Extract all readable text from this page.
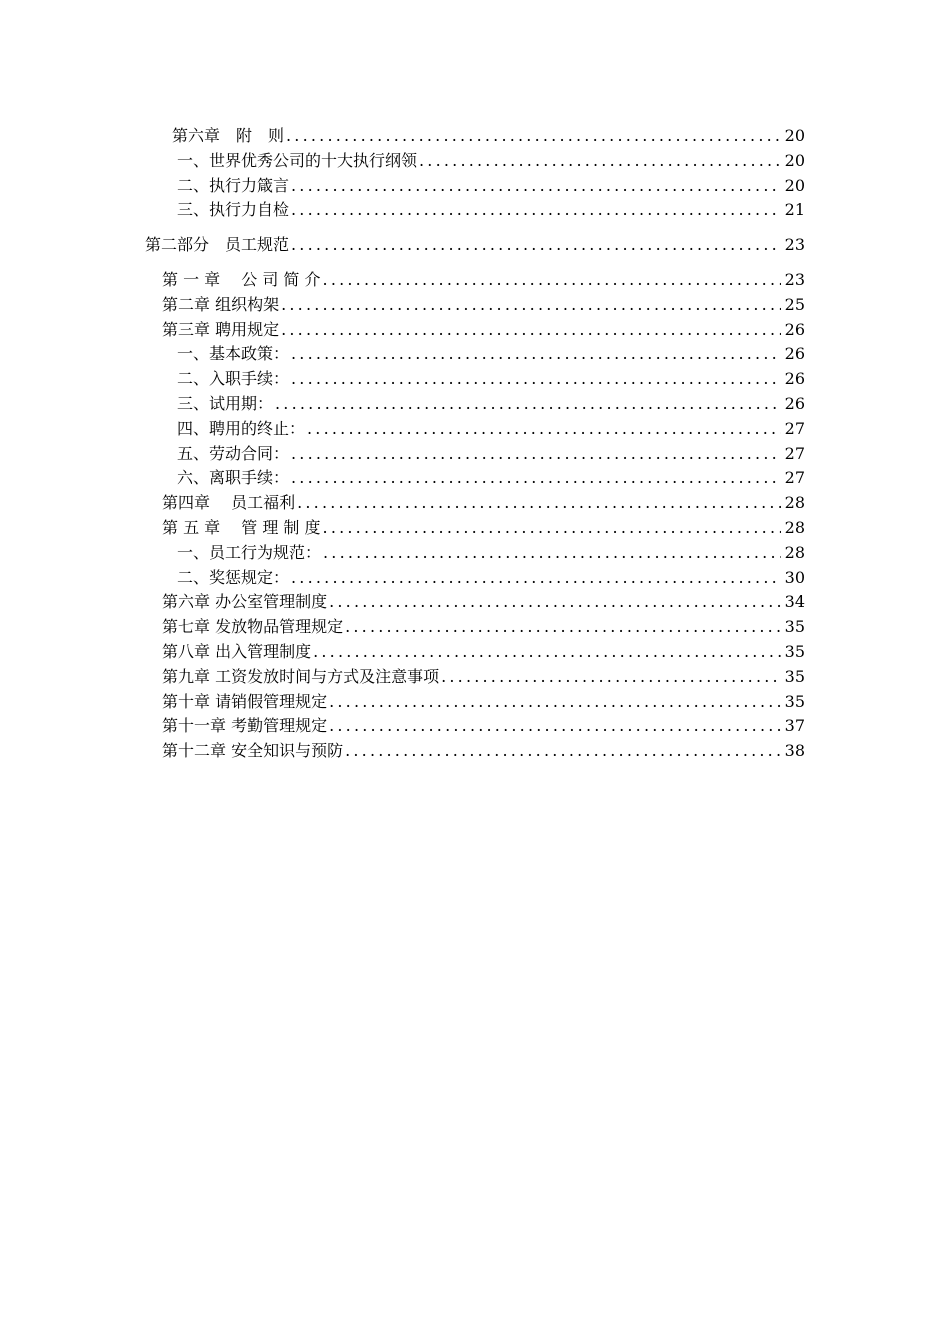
第六章　附　则 .....	20
一、世界优秀公司的十大执行纲领 .....	20
二、执行力箴言 .....	20
三、执行力自检 .....	21
第二部分　员工规范 .....	23
第 一 章　 公 司 简 介 .....	23
第二章 组织构架 .....	25
第三章 聘用规定 .....	26
一、基本政策： .....	26
二、入职手续： .....	26
三、试用期： .....	26
四、聘用的终止： .....	27
五、劳动合同： .....	27
六、离职手续： .....	27
第四章　 员工福利 .....	28
第 五 章　 管 理 制 度 .....	28
一、员工行为规范： .....	28
二、奖惩规定： .....	30
第六章 办公室管理制度 .....	34
第七章 发放物品管理规定 .....	35
第八章 出入管理制度 .....	35
第九章 工资发放时间与方式及注意事项 .....	35
第十章 请销假管理规定 .....	35
第十一章 考勤管理规定 .....	37
第十二章 安全知识与预防 .....	38
